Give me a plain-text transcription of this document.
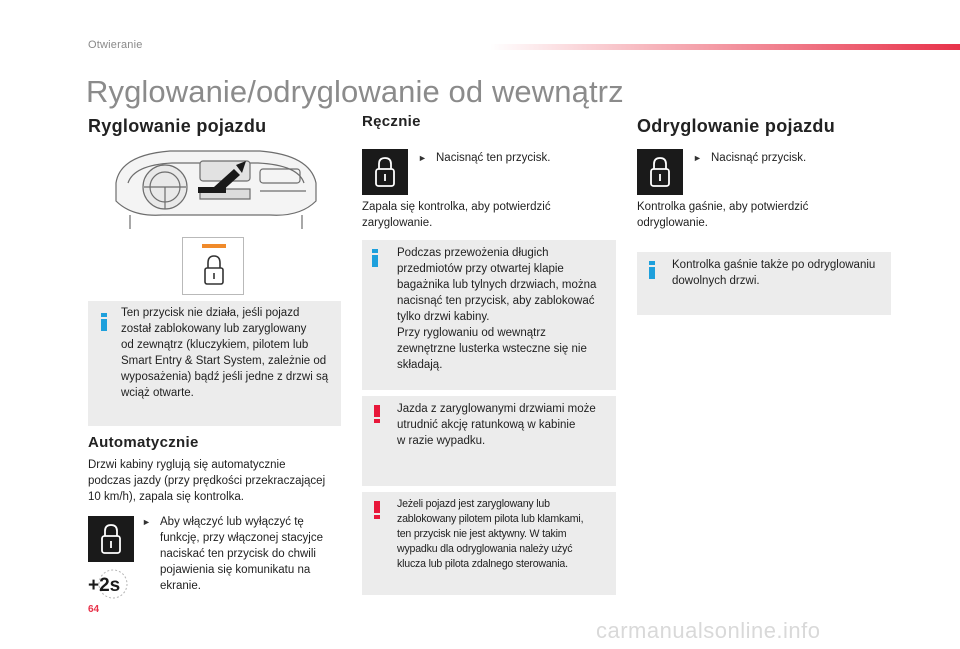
Otwieranie
Ryglowanie/odryglowanie od wewnątrz
Ryglowanie pojazdu
Ten przycisk nie działa, jeśli pojazd
został zablokowany lub zaryglowany
od zewnątrz (kluczykiem, pilotem lub
Smart Entry & Start System, zależnie od
wyposażenia) bądź jeśli jedne z drzwi są
wciąż otwarte.
Automatycznie
Drzwi kabiny ryglują się automatycznie
podczas jazdy (przy prędkości przekraczającej
10 km/h), zapala się kontrolka.
► Aby włączyć lub wyłączyć tę
funkcję, przy włączonej stacyjce
naciskać ten przycisk do chwili
pojawienia się komunikatu na
ekranie.
+2s
Ręcznie
► Nacisnąć ten przycisk.
Zapala się kontrolka, aby potwierdzić
zaryglowanie.
Podczas przewożenia długich
przedmiotów przy otwartej klapie
bagażnika lub tylnych drzwiach, można
nacisnąć ten przycisk, aby zablokować
tylko drzwi kabiny.
Przy ryglowaniu od wewnątrz
zewnętrzne lusterka wsteczne się nie
składają.
Jazda z zaryglowanymi drzwiami może
utrudnić akcję ratunkową w kabinie
w razie wypadku.
Jeżeli pojazd jest zaryglowany lub
zablokowany pilotem pilota lub klamkami,
ten przycisk nie jest aktywny. W takim
wypadku dla odryglowania należy użyć
klucza lub pilota zdalnego sterowania.
Odryglowanie pojazdu
► Nacisnąć przycisk.
Kontrolka gaśnie, aby potwierdzić
odryglowanie.
Kontrolka gaśnie także po odryglowaniu
dowolnych drzwi.
64
carmanualsonline.info
